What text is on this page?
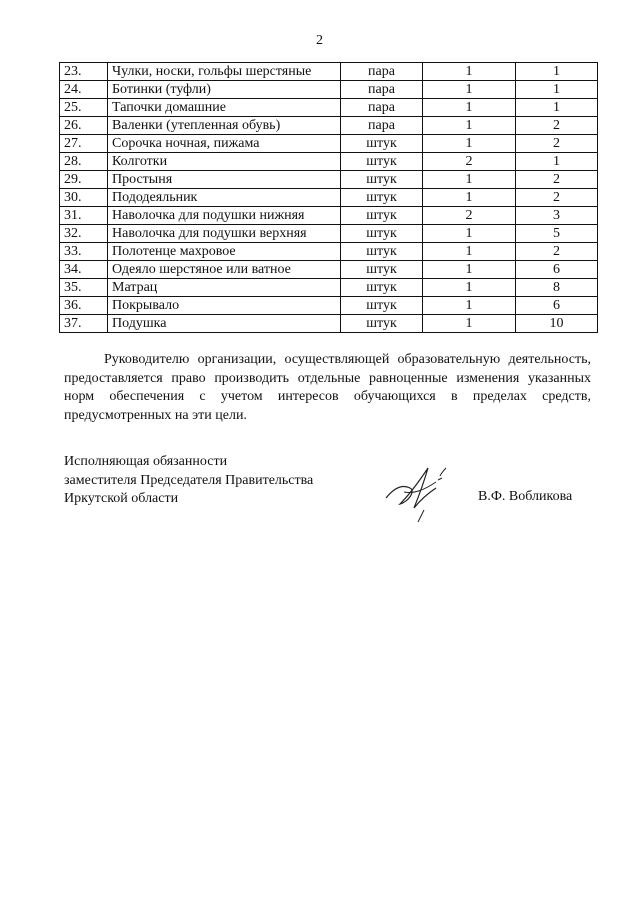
2
23.	Чулки, носки, гольфы шерстяные	пара	1	1
24.	Ботинки (туфли)	пара	1	1
25.	Тапочки домашние	пара	1	1
26.	Валенки (утепленная обувь)	пара	1	2
27.	Сорочка ночная, пижама	штук	1	2
28.	Колготки	штук	2	1
29.	Простыня	штук	1	2
30.	Пододеяльник	штук	1	2
31.	Наволочка для подушки нижняя	штук	2	3
32.	Наволочка для подушки верхняя	штук	1	5
33.	Полотенце махровое	штук	1	2
34.	Одеяло шерстяное или ватное	штук	1	6
35.	Матрац	штук	1	8
36.	Покрывало	штук	1	6
37.	Подушка	штук	1	10
Руководителю организации, осуществляющей образовательную деятельность, предоставляется право производить отдельные равноценные изменения указанных норм обеспечения с учетом интересов обучающихся в пределах средств, предусмотренных на эти цели.
Исполняющая обязанности
заместителя Председателя Правительства
Иркутской области	В.Ф. Вобликова
